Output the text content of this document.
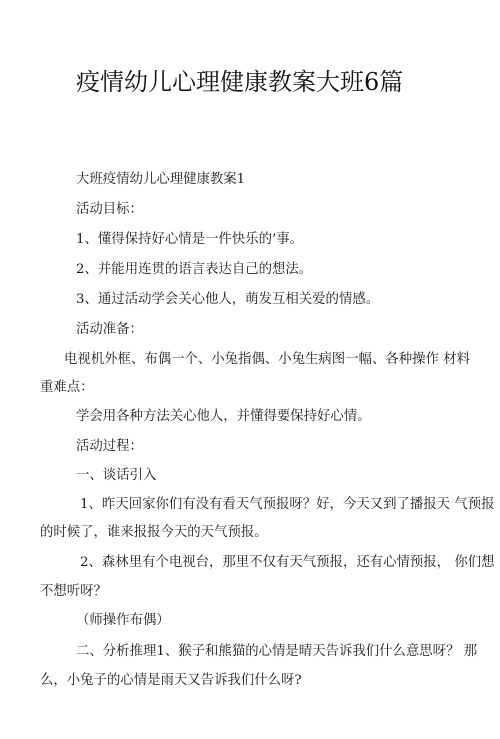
疫情幼儿心理健康教案大班6篇
大班疫情幼儿心理健康教案1
活动目标：
1、懂得保持好心情是一件快乐的’事。
2、并能用连贯的语言表达自己的想法。
3、通过活动学会关心他人，萌发互相关爱的情感。
活动准备：
电视机外框、布偶一个、小兔指偶、小兔生病图一幅、各种操作 材料
重难点：
学会用各种方法关心他人，并懂得要保持好心情。
活动过程：
一、谈话引入
1、昨天回家你们有没有看天气预报呀？好，今天又到了播报天 气预报
的时候了，谁来报报今天的天气预报。
2、森林里有个电视台，那里不仅有天气预报，还有心情预报， 你们想
不想听呀？
（师操作布偶）
二、分析推理1、猴子和熊猫的心情是晴天告诉我们什么意思呀？ 那
么，小兔子的心情是雨天又告诉我们什么呀?
